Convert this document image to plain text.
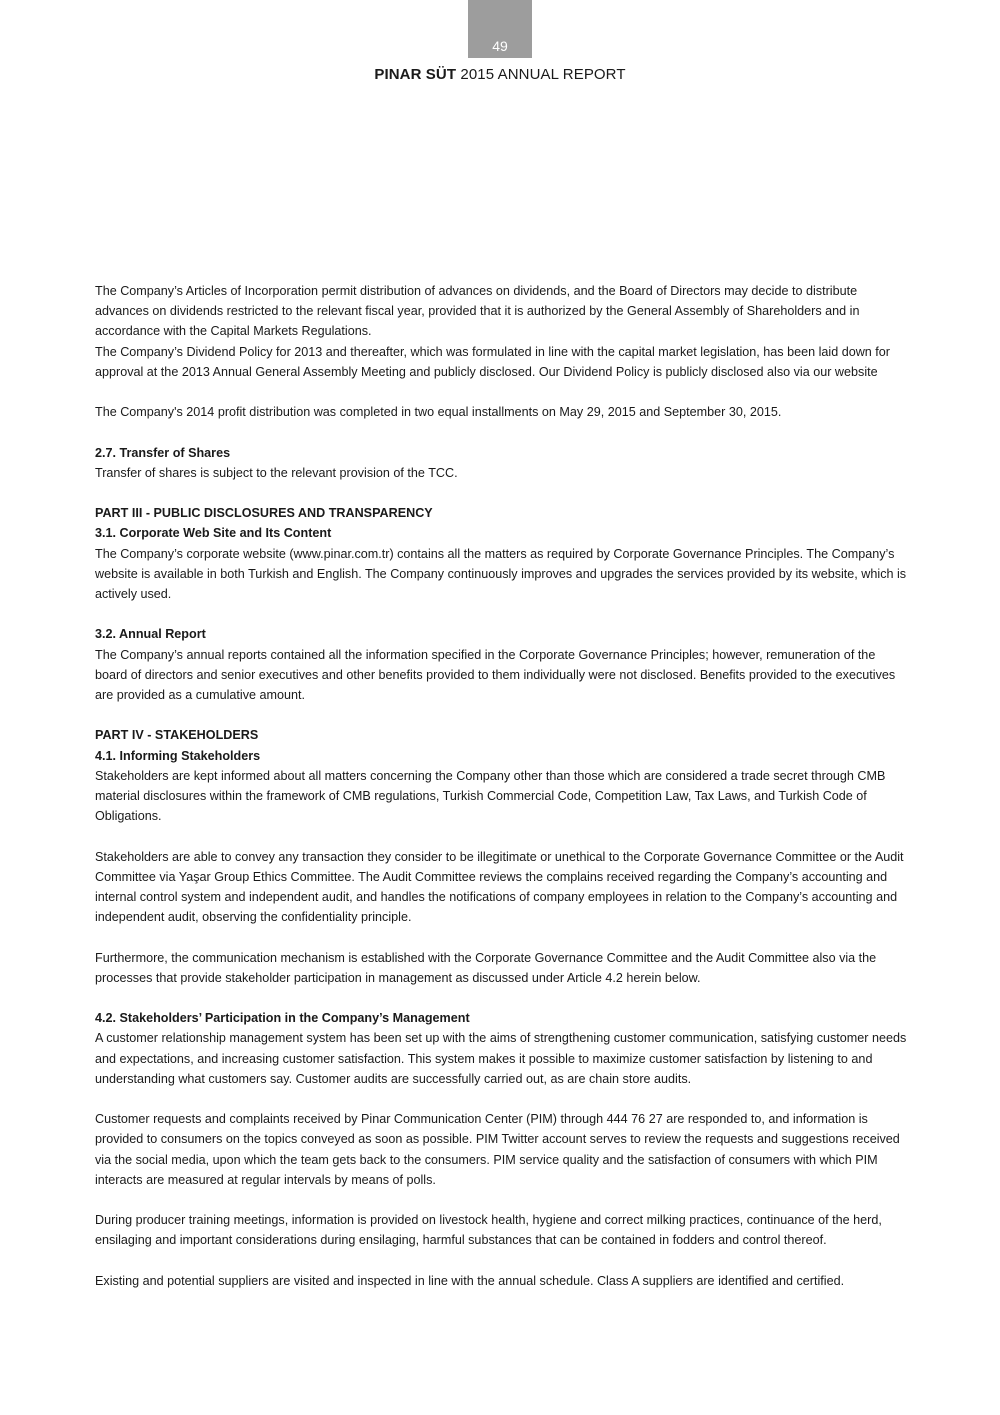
49
PINAR SÜT 2015 ANNUAL REPORT

The Company’s Articles of Incorporation permit distribution of advances on dividends, and the Board of Directors may decide to distribute advances on dividends restricted to the relevant fiscal year, provided that it is authorized by the General Assembly of Shareholders and in accordance with the Capital Markets Regulations.

The Company’s Dividend Policy for 2013 and thereafter, which was formulated in line with the capital market legislation, has been laid down for approval at the 2013 Annual General Assembly Meeting and publicly disclosed. Our Dividend Policy is publicly disclosed also via our website

The Company's 2014 profit distribution was completed in two equal installments on May 29, 2015 and September 30, 2015.

2.7. Transfer of Shares

Transfer of shares is subject to the relevant provision of the TCC.

PART III - PUBLIC DISCLOSURES AND TRANSPARENCY
3.1. Corporate Web Site and Its Content

The Company’s corporate website (www.pinar.com.tr) contains all the matters as required by Corporate Governance Principles. The Company’s website is available in both Turkish and English. The Company continuously improves and upgrades the services provided by its website, which is actively used.

3.2. Annual Report

The Company’s annual reports contained all the information specified in the Corporate Governance Principles; however, remuneration of the board of directors and senior executives and other benefits provided to them individually were not disclosed. Benefits provided to the executives are provided as a cumulative amount.

PART IV - STAKEHOLDERS
4.1. Informing Stakeholders

Stakeholders are kept informed about all matters concerning the Company other than those which are considered a trade secret through CMB material disclosures within the framework of CMB regulations, Turkish Commercial Code, Competition Law, Tax Laws, and Turkish Code of Obligations.

Stakeholders are able to convey any transaction they consider to be illegitimate or unethical to the Corporate Governance Committee or the Audit Committee via Yaşar Group Ethics Committee. The Audit Committee reviews the complains received regarding the Company’s accounting and internal control system and independent audit, and handles the notifications of company employees in relation to the Company’s accounting and independent audit, observing the confidentiality principle.

Furthermore, the communication mechanism is established with the Corporate Governance Committee and the Audit Committee also via the processes that provide stakeholder participation in management as discussed under Article 4.2 herein below.

4.2. Stakeholders’ Participation in the Company’s Management

A customer relationship management system has been set up with the aims of strengthening customer communication, satisfying customer needs and expectations, and increasing customer satisfaction. This system makes it possible to maximize customer satisfaction by listening to and understanding what customers say. Customer audits are successfully carried out, as are chain store audits.

Customer requests and complaints received by Pinar Communication Center (PIM) through 444 76 27 are responded to, and information is provided to consumers on the topics conveyed as soon as possible. PIM Twitter account serves to review the requests and suggestions received via the social media, upon which the team gets back to the consumers. PIM service quality and the satisfaction of consumers with which PIM interacts are measured at regular intervals by means of polls.

During producer training meetings, information is provided on livestock health, hygiene and correct milking practices, continuance of the herd, ensilaging and important considerations during ensilaging, harmful substances that can be contained in fodders and control thereof.

Existing and potential suppliers are visited and inspected in line with the annual schedule. Class A suppliers are identified and certified.
